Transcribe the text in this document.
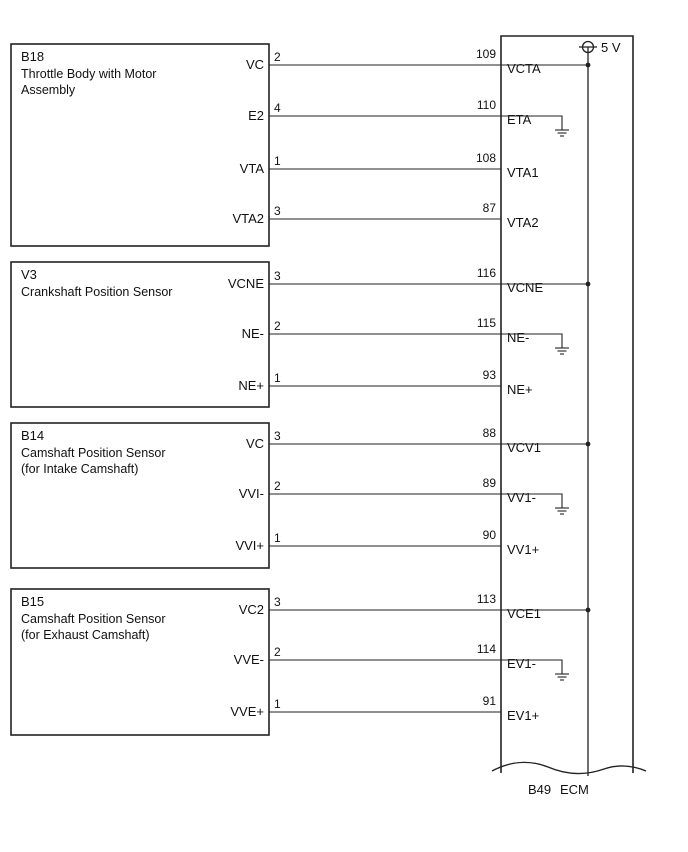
5 V
B49 ECM
B18
Throttle Body with Motor
Assembly
VC 2	109
VCTA
E2 4	110
ETA
VTA 1	108
VTA1
VTA2 3	87
VTA2
V3
Crankshaft Position Sensor
VCNE 3	116
VCNE
NE- 2	115
NE-
NE+ 1	93
NE+
B14
Camshaft Position Sensor
(for Intake Camshaft)
VC 3	88
VCV1
VVI- 2	89
VV1-
VVI+ 1	90
VV1+
B15
Camshaft Position Sensor
(for Exhaust Camshaft)
VC2 3	113
VCE1
VVE- 2	114
EV1-
VVE+ 1	91
EV1+
